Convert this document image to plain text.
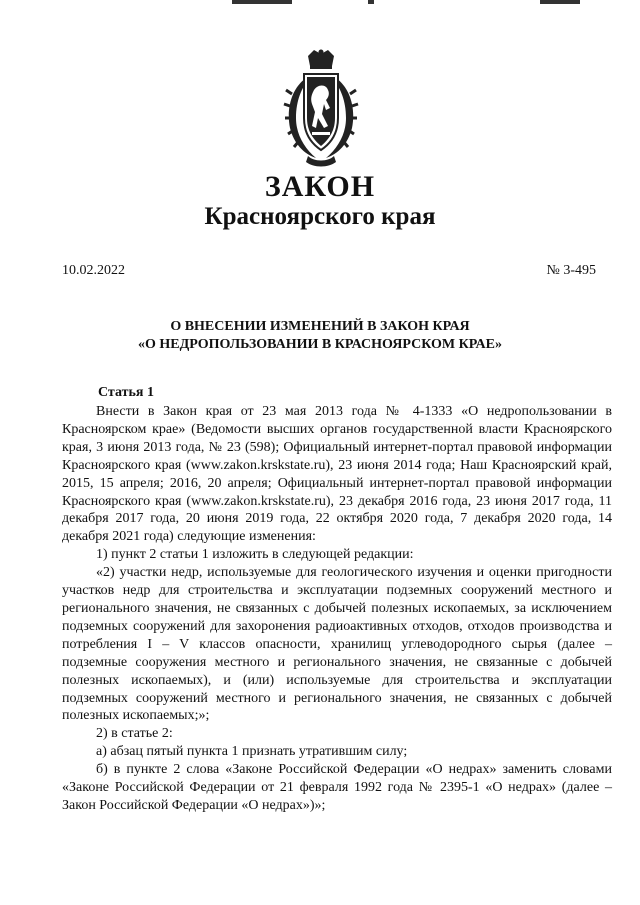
ЗАКОН
Красноярского края
10.02.2022	№ 3-495
О ВНЕСЕНИИ ИЗМЕНЕНИЙ В ЗАКОН КРАЯ
«О НЕДРОПОЛЬЗОВАНИИ В КРАСНОЯРСКОМ КРАЕ»
Статья 1

Внести в Закон края от 23 мая 2013 года № 4-1333 «О недропользовании в Красноярском крае» (Ведомости высших органов государственной власти Красноярского края, 3 июня 2013 года, № 23 (598); Официальный интернет-портал правовой информации Красноярского края (www.zakon.krskstate.ru), 23 июня 2014 года; Наш Красноярский край, 2015, 15 апреля; 2016, 20 апреля; Официальный интернет-портал правовой информации Красноярского края (www.zakon.krskstate.ru), 23 декабря 2016 года, 23 июня 2017 года, 11 декабря 2017 года, 20 июня 2019 года, 22 октября 2020 года, 7 декабря 2020 года, 14 декабря 2021 года) следующие изменения:

1) пункт 2 статьи 1 изложить в следующей редакции:

«2) участки недр, используемые для геологического изучения и оценки пригодности участков недр для строительства и эксплуатации подземных сооружений местного и регионального значения, не связанных с добычей полезных ископаемых, за исключением подземных сооружений для захоронения радиоактивных отходов, отходов производства и потребления I – V классов опасности, хранилищ углеводородного сырья (далее – подземные сооружения местного и регионального значения, не связанные с добычей полезных ископаемых), и (или) используемые для строительства и эксплуатации подземных сооружений местного и регионального значения, не связанных с добычей полезных ископаемых;»;

2) в статье 2:

а) абзац пятый пункта 1 признать утратившим силу;

б) в пункте 2 слова «Законе Российской Федерации «О недрах» заменить словами «Законе Российской Федерации от 21 февраля 1992 года № 2395-1 «О недрах» (далее – Закон Российской Федерации «О недрах»)»;
